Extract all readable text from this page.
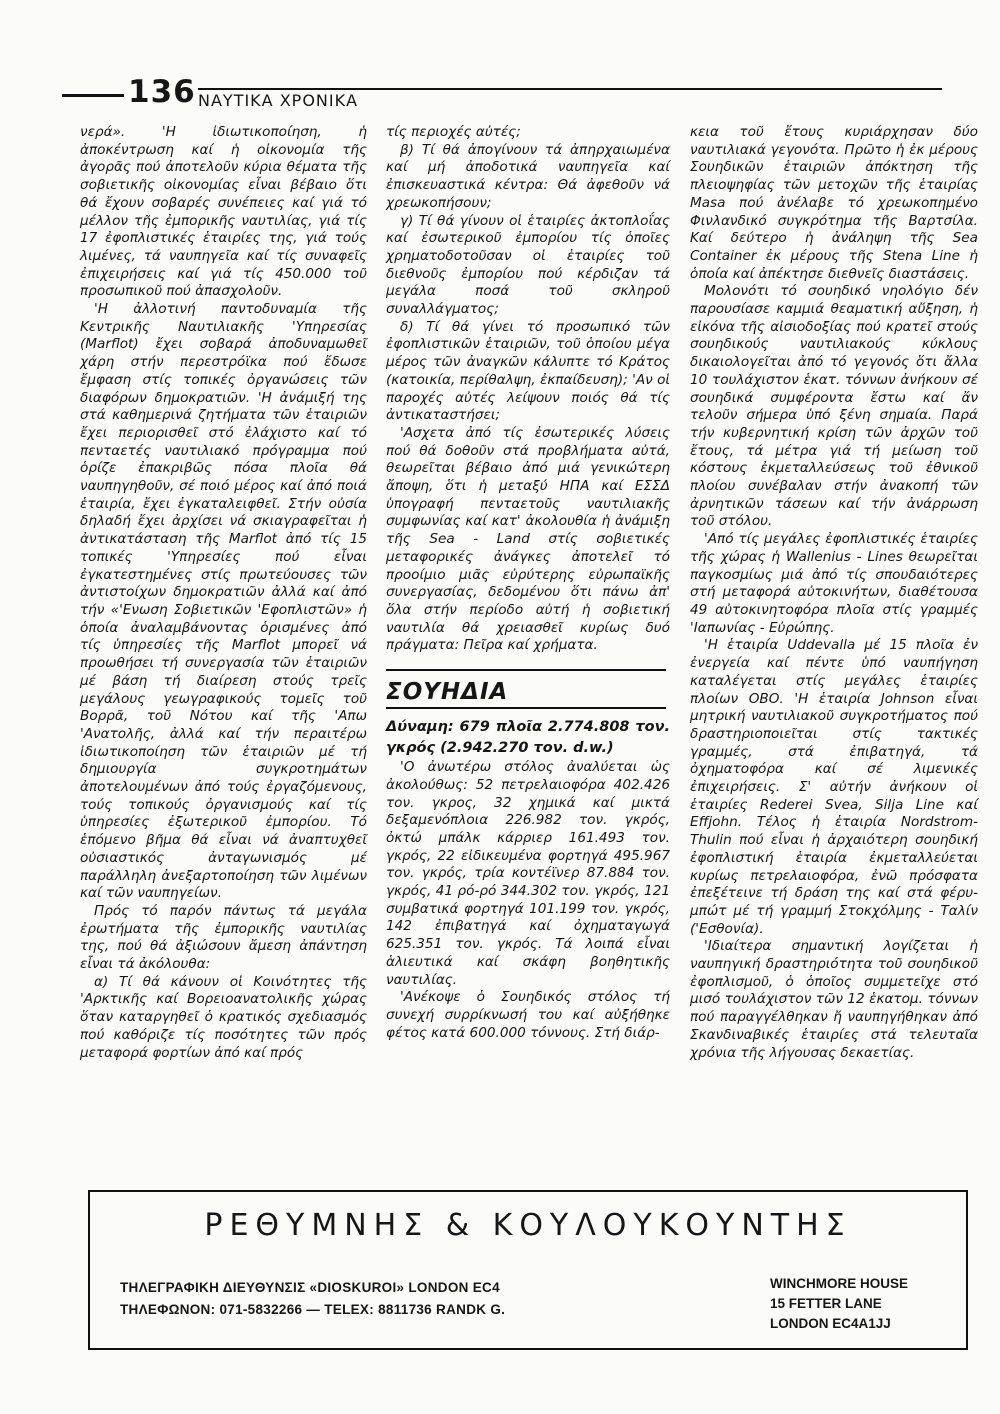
136 ΝΑΥΤΙΚΑ ΧΡΟΝΙΚΑ

νερά». 'Η ἰδιωτικοποίηση, ἡ ἀποκέντρωση καί ἡ οἰκονομία τῆς ἀγορᾶς πού ἀποτελοῦν κύρια θέματα τῆς σοβιετικῆς οἰκονομίας εἶναι βέβαιο ὅτι θά ἔχουν σοβαρές συνέπειες καί γιά τό μέλλον τῆς ἐμπορικῆς ναυτιλίας, γιά τίς 17 ἐφοπλιστικές ἑταιρίες της, γιά τούς λιμένες, τά ναυπηγεῖα καί τίς συναφεῖς ἐπιχειρήσεις καί γιά τίς 450.000 τοῦ προσωπικοῦ πού ἀπασχολοῦν.

'Η ἀλλοτινή παντοδυναμία τῆς Κεντρικῆς Ναυτιλιακῆς 'Υπηρεσίας (Marflot) ἔχει σοβαρά ἀποδυναμωθεῖ χάρη στήν περεστρόϊκα πού ἔδωσε ἔμφαση στίς τοπικές ὀργανώσεις τῶν διαφόρων δημοκρατιῶν. 'Η ἀνάμιξή της στά καθημερινά ζητήματα τῶν ἑταιριῶν ἔχει περιορισθεῖ στό ἐλάχιστο καί τό πενταετές ναυτιλιακό πρόγραμμα πού ὁρίζε ἐπακριβῶς πόσα πλοῖα θά ναυπηγηθοῦν, σέ ποιό μέρος καί ἀπό ποιά ἑταιρία, ἔχει ἐγκαταλειφθεῖ. Στήν οὐσία δηλαδή ἔχει ἀρχίσει νά σκιαγραφεῖται ἡ ἀντικατάσταση τῆς Marflot ἀπό τίς 15 τοπικές 'Υπηρεσίες πού εἶναι ἐγκατεστημένες στίς πρωτεύουσες τῶν ἀντιστοίχων δημοκρατιῶν ἀλλά καί ἀπό τήν «'Ενωση Σοβιετικῶν 'Εφοπλιστῶν» ἡ ὁποία ἀναλαμβάνοντας ὁρισμένες ἀπό τίς ὑπηρεσίες τῆς Marflot μπορεῖ νά προωθήσει τή συνεργασία τῶν ἑταιριῶν μέ βάση τή διαίρεση στούς τρεῖς μεγάλους γεωγραφικούς τομεῖς τοῦ Βορρᾶ, τοῦ Νότου καί τῆς 'Απω 'Ανατολῆς, ἀλλά καί τήν περαιτέρω ἰδιωτικοποίηση τῶν ἑταιριῶν μέ τή δημιουργία συγκροτημάτων ἀποτελουμένων ἀπό τούς ἐργαζόμενους, τούς τοπικούς ὀργανισμούς καί τίς ὑπηρεσίες ἐξωτερικοῦ ἐμπορίου. Τό ἑπόμενο βῆμα θά εἶναι νά ἀναπτυχθεῖ οὐσιαστικός ἀνταγωνισμός μέ παράλληλη ἀνεξαρτοποίηση τῶν λιμένων καί τῶν ναυπηγείων.

Πρός τό παρόν πάντως τά μεγάλα ἐρωτήματα τῆς ἐμπορικῆς ναυτιλίας της, πού θά ἀξιώσουν ἄμεση ἀπάντηση εἶναι τά ἀκόλουθα:

α) Τί θά κάνουν οἱ Κοινότητες τῆς 'Αρκτικῆς καί Βορειοανατολικῆς χώρας ὅταν καταργηθεῖ ὁ κρατικός σχεδιασμός πού καθόριζε τίς ποσότητες τῶν πρός μεταφορά φορτίων ἀπό καί πρός

τίς περιοχές αὐτές;

β) Τί θά ἀπογίνουν τά ἀπηρχαιωμένα καί μή ἀποδοτικά ναυπηγεῖα καί ἐπισκευαστικά κέντρα: Θά ἀφεθοῦν νά χρεωκοπήσουν;

γ) Τί θά γίνουν οἱ ἑταιρίες ἀκτοπλοΐας καί ἐσωτερικοῦ ἐμπορίου τίς ὁποῖες χρηματοδοτοῦσαν οἱ ἑταιρίες τοῦ διεθνοῦς ἐμπορίου πού κέρδιζαν τά μεγάλα ποσά τοῦ σκληροῦ συναλλάγματος;

δ) Τί θά γίνει τό προσωπικό τῶν ἐφοπλιστικῶν ἑταιριῶν, τοῦ ὁποίου μέγα μέρος τῶν ἀναγκῶν κάλυπτε τό Κράτος (κατοικία, περίθαλψη, ἐκπαίδευση); 'Αν οἱ παροχές αὐτές λείψουν ποιός θά τίς ἀντικαταστήσει;

'Ασχετα ἀπό τίς ἐσωτερικές λύσεις πού θά δοθοῦν στά προβλήματα αὐτά, θεωρεῖται βέβαιο ἀπό μιά γενικώτερη ἄποψη, ὅτι ἡ μεταξύ ΗΠΑ καί ΕΣΣΔ ὑπογραφή πενταετοῦς ναυτιλιακῆς συμφωνίας καί κατ' ἀκολουθία ἡ ἀνάμιξη τῆς Sea - Land στίς σοβιετικές μεταφορικές ἀνάγκες ἀποτελεῖ τό προοίμιο μιᾶς εὐρύτερης εὐρωπαϊκῆς συνεργασίας, δεδομένου ὅτι πάνω ἀπ' ὅλα στήν περίοδο αὐτή ἡ σοβιετική ναυτιλία θά χρειασθεῖ κυρίως δυό πράγματα: Πεῖρα καί χρήματα.

ΣΟΥΗΔΙΑ

Δύναμη: 679 πλοῖα 2.774.808 τον. γκρός (2.942.270 τον. d.w.)

'Ο ἀνωτέρω στόλος ἀναλύεται ὡς ἀκολούθως: 52 πετρελαιοφόρα 402.426 τον. γκρος, 32 χημικά καί μικτά δεξαμενόπλοια 226.982 τον. γκρός, ὀκτώ μπάλκ κάρριερ 161.493 τον. γκρός, 22 εἰδικευμένα φορτηγά 495.967 τον. γκρός, τρία κοντέϊνερ 87.884 τον. γκρός, 41 ρό-ρό 344.302 τον. γκρός, 121 συμβατικά φορτηγά 101.199 τον. γκρός, 142 ἐπιβατηγά καί ὀχηματαγωγά 625.351 τον. γκρός. Τά λοιπά εἶναι ἁλιευτικά καί σκάφη βοηθητικῆς ναυτιλίας.

'Ανέκοψε ὁ Σουηδικός στόλος τή συνεχή συρρίκνωσή του καί αὐξήθηκε φέτος κατά 600.000 τόννους. Στή διάρ-

κεια τοῦ ἔτους κυριάρχησαν δύο ναυτιλιακά γεγονότα. Πρῶτο ἡ ἐκ μέρους Σουηδικῶν ἑταιριῶν ἀπόκτηση τῆς πλειοψηφίας τῶν μετοχῶν τῆς ἑταιρίας Masa πού ἀνέλαβε τό χρεωκοπημένο Φινλανδικό συγκρότημα τῆς Βαρτσίλα. Καί δεύτερο ἡ ἀνάληψη τῆς Sea Container ἐκ μέρους τῆς Stena Line ἡ ὁποία καί ἀπέκτησε διεθνεῖς διαστάσεις.

Μολονότι τό σουηδικό νηολόγιο δέν παρουσίασε καμμιά θεαματική αὔξηση, ἡ εἰκόνα τῆς αἰσιοδοξίας πού κρατεῖ στούς σουηδικούς ναυτιλιακούς κύκλους δικαιολογεῖται ἀπό τό γεγονός ὅτι ἄλλα 10 τουλάχιστον ἑκατ. τόννων ἀνήκουν σέ σουηδικά συμφέροντα ἔστω καί ἄν τελοῦν σήμερα ὑπό ξένη σημαία. Παρά τήν κυβερνητική κρίση τῶν ἀρχῶν τοῦ ἔτους, τά μέτρα γιά τή μείωση τοῦ κόστους ἐκμεταλλεύσεως τοῦ ἐθνικοῦ πλοίου συνέβαλαν στήν ἀνακοπή τῶν ἀρνητικῶν τάσεων καί τήν ἀνάρρωση τοῦ στόλου.

'Από τίς μεγάλες ἐφοπλιστικές ἑταιρίες τῆς χώρας ἡ Wallenius - Lines θεωρεῖται παγκοσμίως μιά ἀπό τίς σπουδαιότερες στή μεταφορά αὐτοκινήτων, διαθέτουσα 49 αὐτοκινητοφόρα πλοῖα στίς γραμμές 'Ιαπωνίας - Εὐρώπης.

'Η ἑταιρία Uddevalla μέ 15 πλοῖα ἐν ἐνεργεία καί πέντε ὑπό ναυπήγηση καταλέγεται στίς μεγάλες ἑταιρίες πλοίων ΟΒΟ. 'Η ἑταιρία Johnson εἶναι μητρική ναυτιλιακοῦ συγκροτήματος πού δραστηριοποιεῖται στίς τακτικές γραμμές, στά ἐπιβατηγά, τά ὀχηματοφόρα καί σέ λιμενικές ἐπιχειρήσεις. Σ' αὐτήν ἀνήκουν οἱ ἑταιρίες Rederei Svea, Silja Line καί Effjohn. Τέλος ἡ ἑταιρία Nordstrom- Thulin πού εἶναι ἡ ἀρχαιότερη σουηδική ἐφοπλιστική ἑταιρία ἐκμεταλλεύεται κυρίως πετρελαιοφόρα, ἐνῶ πρόσφατα ἐπεξέτεινε τή δράση της καί στά φέρυ-μπώτ μέ τή γραμμή Στοκχόλμης - Ταλίν ('Εσθονία).

'Ιδιαίτερα σημαντική λογίζεται ἡ ναυπηγική δραστηριότητα τοῦ σουηδικοῦ ἐφοπλισμοῦ, ὁ ὁποῖος συμμετεῖχε στό μισό τουλάχιστον τῶν 12 ἑκατομ. τόννων πού παραγγέλθηκαν ἤ ναυπηγήθηκαν ἀπό Σκανδιναβικές ἑταιρίες στά τελευταῖα χρόνια τῆς λήγουσας δεκαετίας.

ΡΕΘΥΜΝΗΣ & ΚΟΥΛΟΥΚΟΥΝΤΗΣ
ΤΗΛΕΓΡΑΦΙΚΗ ΔΙΕΥΘΥΝΣΙΣ «DIOSKUROI» LONDON EC4
ΤΗΛΕΦΩΝΟΝ: 071-5832266 — TELEX: 8811736 RANDK G.
WINCHMORE HOUSE
15 FETTER LANE
LONDON EC4A1JJ
